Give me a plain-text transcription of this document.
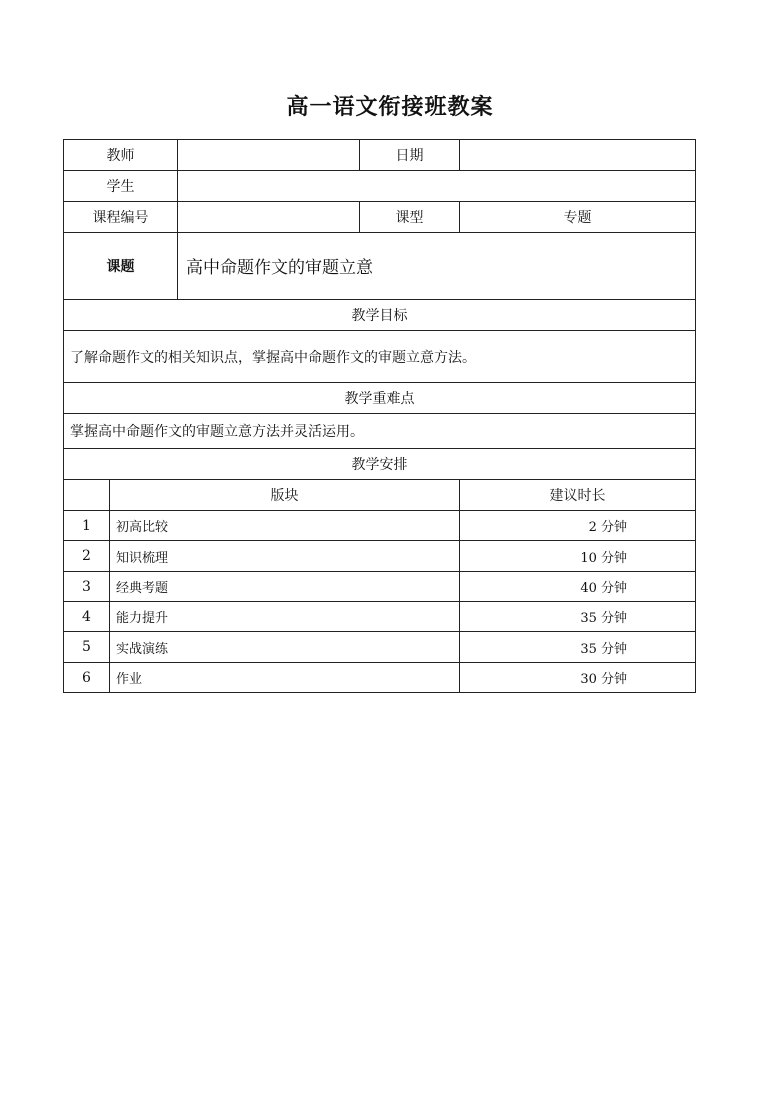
高一语文衔接班教案
教师			日期	
学生				
课程编号			课型	专题
课题		高中命题作文的审题立意		
教学目标				
了解命题作文的相关知识点，掌握高中命题作文的审题立意方法。				
教学重难点				
掌握高中命题作文的审题立意方法并灵活运用。				
教学安排				
	版块			建议时长
1	初高比较			2 分钟
2	知识梳理			10 分钟
3	经典考题			40 分钟
4	能力提升			35 分钟
5	实战演练			35 分钟
6	作业			30 分钟
